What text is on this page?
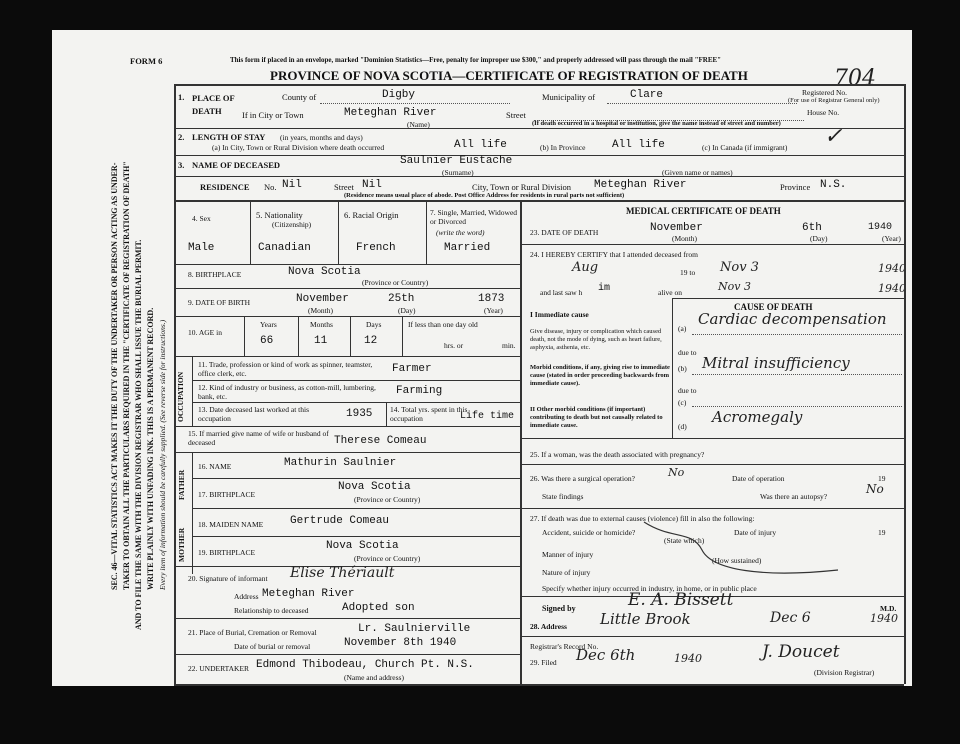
FORM 6	This form if placed in an envelope, marked "Dominion Statistics—Free, penalty for improper use $300," and properly addressed will pass through the mail "FREE"
PROVINCE OF NOVA SCOTIA—CERTIFICATE OF REGISTRATION OF DEATH
Registered No.
704
(For use of Registrar General only)
House No.
SEC. 46—VITAL STATISTICS ACT MAKES IT THE DUTY OF THE UNDERTAKER OR PERSON ACTING AS UNDER- TAKER TO OBTAIN ALL THE PARTICULARS REQUIRED IN THE "CERTIFICATE OF REGISTRATION OF DEATH" AND TO FILE THE SAME WITH THE DIVISION REGISTRAR WHO SHALL ISSUE THE BURIAL PERMIT. WRITE PLAINLY WITH UNFADING INK. THIS IS A PERMANENT RECORD. Every item of information should be carefully supplied. (See reverse side for instructions.)
1. PLACE OF DEATH
County of	Digby	Municipality of	Clare
If in City or Town	Meteghan River
(Name)
Street
(If death occurred in a hospital or institution, give the name instead of street and number)
2. LENGTH OF STAY (in years, months and days)
(a) In City, Town or Rural Division where death occurred	All life	(b) In Province All life	(c) In Canada (if immigrant) ✓
3. NAME OF DECEASED	Saulnier Eustache
(Surname)	(Given name or names)
RESIDENCE No. Nil	Street Nil	City, Town or Rural Division Meteghan River	Province N.S.
(Residence means usual place of abode. Post Office Address for residents in rural parts not sufficient)
4. Sex	5. Nationality
(Citizenship)
6. Racial Origin	7. Single, Married, Widowed or Divorced
(write the word)
Male	Canadian	French	Married
8. BIRTHPLACE	Nova Scotia
(Province or Country)
9. DATE OF BIRTH	November	25th	1873
(Month)	(Day)	(Year)
10. AGE in
Years	Months	Days
66	11	12
If less than one day old
hrs. or	min.
OCCUPATION
11. Trade, profession or kind of work as spinner, teamster, office clerk, etc.	Farmer
12. Kind of industry or business, as cotton-mill, lumbering, bank, etc.	Farming
13. Date deceased last worked at this occupation	1935 14. Total yrs. spent in this occupation	Life time
15. If married give name of wife or husband of deceased	Therese Comeau
FATHER
MOTHER
16. NAME	Mathurin Saulnier
17. BIRTHPLACE
Nova Scotia
(Province or Country)
18. MAIDEN NAME Gertrude Comeau
19. BIRTHPLACE
Nova Scotia
(Province or Country)
20. Signature of informant Elise Thériault
Address Meteghan River
Relationship to deceased	Adopted son
21. Place of Burial, Cremation or Removal	Lr. Saulnierville
Date of burial or removal	November 8th 1940
22. UNDERTAKER Edmond Thibodeau, Church Pt. N.S.
(Name and address)
MEDICAL CERTIFICATE OF DEATH
23. DATE OF DEATH	November	6th	1940
(Month)	(Day)	(Year)
24. I HEREBY CERTIFY that I attended deceased from
Aug	19 to Nov 3	1940
and last saw h im	alive on	Nov 3	1940
CAUSE OF DEATH
I Immediate cause
Give disease, injury or complication which caused death, not the mode of dying, such as heart failure, asphyxia, asthenia, etc.
(a)
Cardiac decompensation
due to
Morbid conditions, if any, giving rise to immediate cause (stated in order proceeding backwards from immediate cause).
(b) Mitral insufficiency
due to
(c)
II Other morbid conditions (if important) contributing to death but not causally related to immediate cause.	(d)
Acromegaly
25. If a woman, was the death associated with pregnancy?
26. Was there a surgical operation?	No	Date of operation	19
State findings	Was there an autopsy?
No
27. If death was due to external causes (violence) fill in also the following:
Accident, suicide or homicide?
(State which)
Date of injury	19
Manner of injury
(How sustained)
Nature of injury
Specify whether injury occurred in industry, in home, or in public place
Signed by	E. A. Bissett	M.D.
28. Address Little Brook	Dec 6	1940
Registrar's Record No.
29. Filed Dec 6th	1940	J. Doucet
(Division Registrar)
